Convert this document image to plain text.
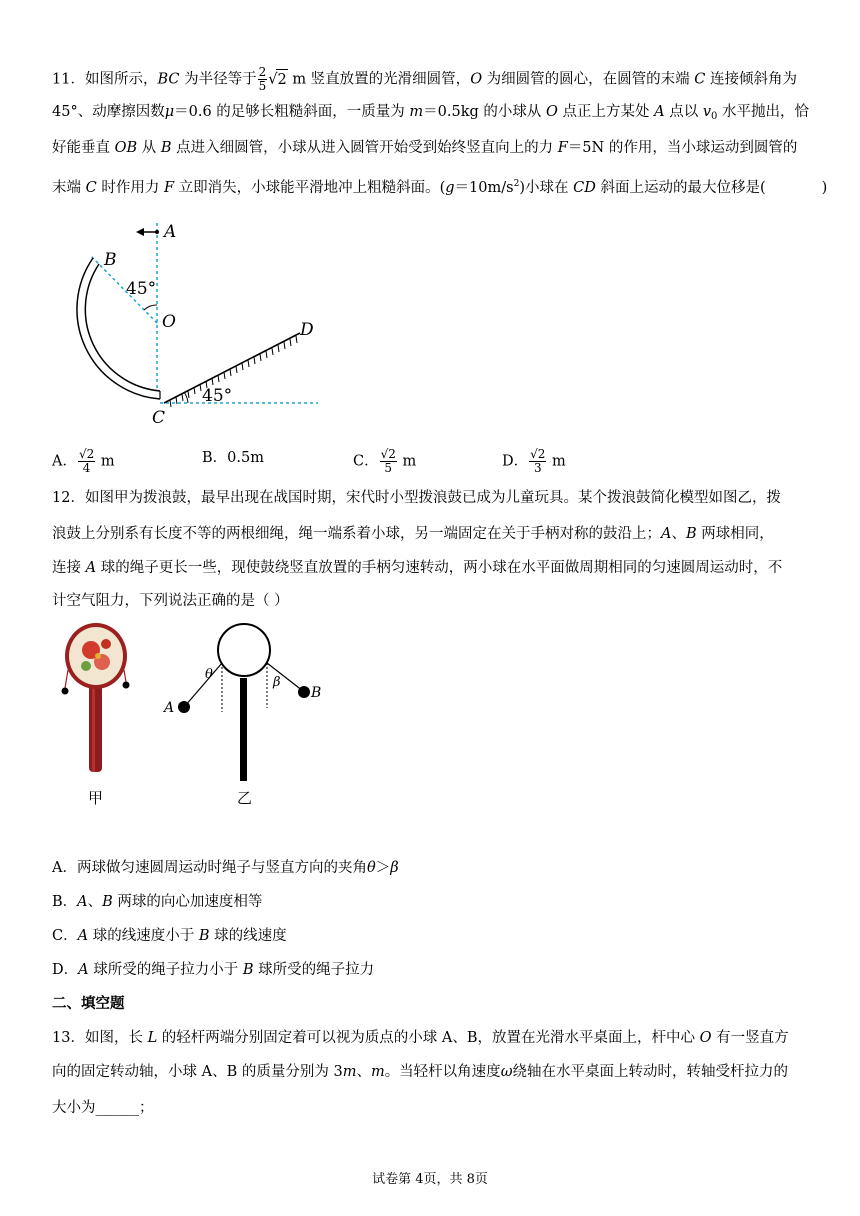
11．如图所示，BC 为半径等于 $\frac{2}{5} √2$ m 竖直放置的光滑细圆管，O 为细圆管的圆心，在圆管的末端 C 连接倾斜角为
45°、动摩擦因数μ＝0.6 的足够长粗糙斜面，一质量为 m＝0.5kg 的小球从 O 点正上方某处 A 点以 $v_0$ 水平抛出，恰
好能垂直 OB 从 B 点进入细圆管，小球从进入圆管开始受到始终竖直向上的力 F＝5N 的作用，当小球运动到圆管的
末端 C 时作用力 F 立即消失，小球能平滑地冲上粗糙斜面。$(g=10m/s^2)$小球在 CD 斜面上运动的最大位移是(	)
A
B
45°
O	D
45°
C
A． $\frac{√2}{4}$ m	B．0.5m	C． $\frac{√2}{5}$ m	D． $\frac{√2}{3}$ m
12．如图甲为拨浪鼓，最早出现在战国时期，宋代时小型拨浪鼓已成为儿童玩具。某个拨浪鼓简化模型如图乙，拨
浪鼓上分别系有长度不等的两根细绳，绳一端系着小球，另一端固定在关于手柄对称的鼓沿上；A、B 两球相同，
连接 A 球的绳子更长一些，现使鼓绕竖直放置的手柄匀速转动，两小球在水平面做周期相同的匀速圆周运动时，不
计空气阻力，下列说法正确的是（ ）
甲
θ
β
A
B
乙
A．两球做匀速圆周运动时绳子与竖直方向的夹角θ＞β
B．A、B 两球的向心加速度相等
C．A 球的线速度小于 B 球的线速度
D．A 球所受的绳子拉力小于 B 球所受的绳子拉力
二、填空题
13．如图，长 L 的轻杆两端分别固定着可以视为质点的小球 A、B，放置在光滑水平桌面上，杆中心 O 有一竖直方
向的固定转动轴，小球 A、B 的质量分别为 3m、m。当轻杆以角速度ω绕轴在水平桌面上转动时，转轴受杆拉力的
大小为______；
试卷第 4页，共 8页
